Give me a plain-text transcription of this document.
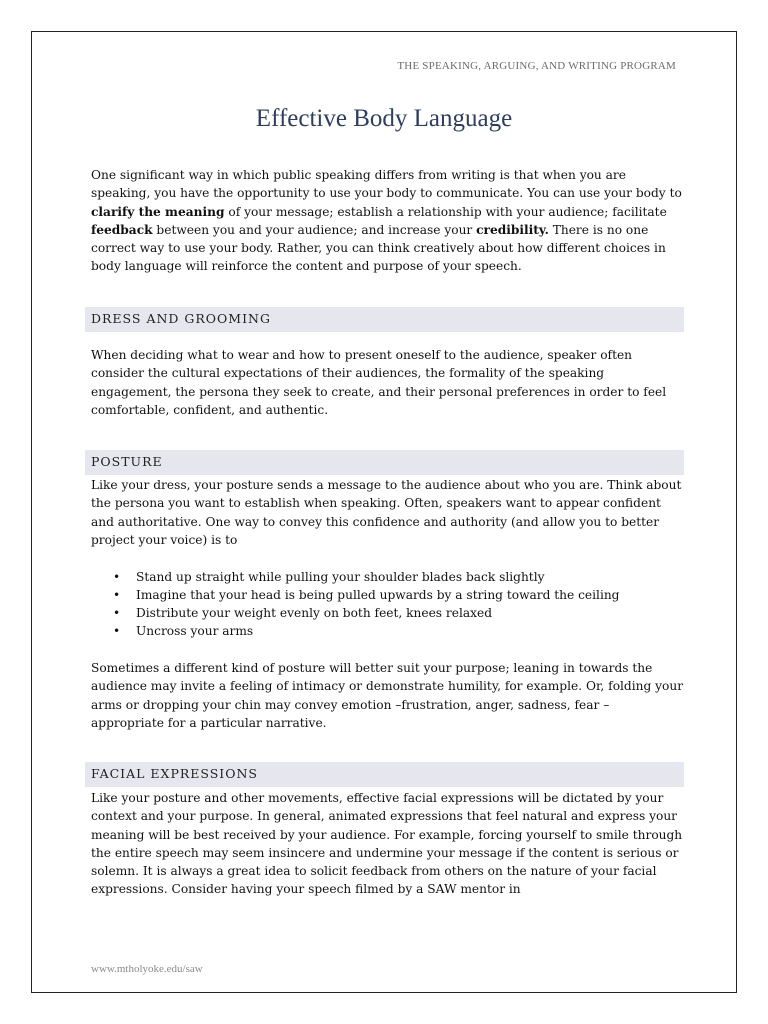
THE SPEAKING, ARGUING, AND WRITING PROGRAM
Effective Body Language
One significant way in which public speaking differs from writing is that when you are speaking, you have the opportunity to use your body to communicate. You can use your body to clarify the meaning of your message; establish a relationship with your audience; facilitate feedback between you and your audience; and increase your credibility. There is no one correct way to use your body. Rather, you can think creatively about how different choices in body language will reinforce the content and purpose of your speech.
DRESS AND GROOMING
When deciding what to wear and how to present oneself to the audience, speaker often consider the cultural expectations of their audiences, the formality of the speaking engagement, the persona they seek to create, and their personal preferences in order to feel comfortable, confident, and authentic.
POSTURE
Like your dress, your posture sends a message to the audience about who you are. Think about the persona you want to establish when speaking. Often, speakers want to appear confident and authoritative. One way to convey this confidence and authority (and allow you to better project your voice) is to
• Stand up straight while pulling your shoulder blades back slightly
• Imagine that your head is being pulled upwards by a string toward the ceiling
• Distribute your weight evenly on both feet, knees relaxed
• Uncross your arms
Sometimes a different kind of posture will better suit your purpose; leaning in towards the audience may invite a feeling of intimacy or demonstrate humility, for example. Or, folding your arms or dropping your chin may convey emotion –frustration, anger, sadness, fear – appropriate for a particular narrative.
FACIAL EXPRESSIONS
Like your posture and other movements, effective facial expressions will be dictated by your context and your purpose. In general, animated expressions that feel natural and express your meaning will be best received by your audience. For example, forcing yourself to smile through the entire speech may seem insincere and undermine your message if the content is serious or solemn. It is always a great idea to solicit feedback from others on the nature of your facial expressions. Consider having your speech filmed by a SAW mentor in
www.mtholyoke.edu/saw
